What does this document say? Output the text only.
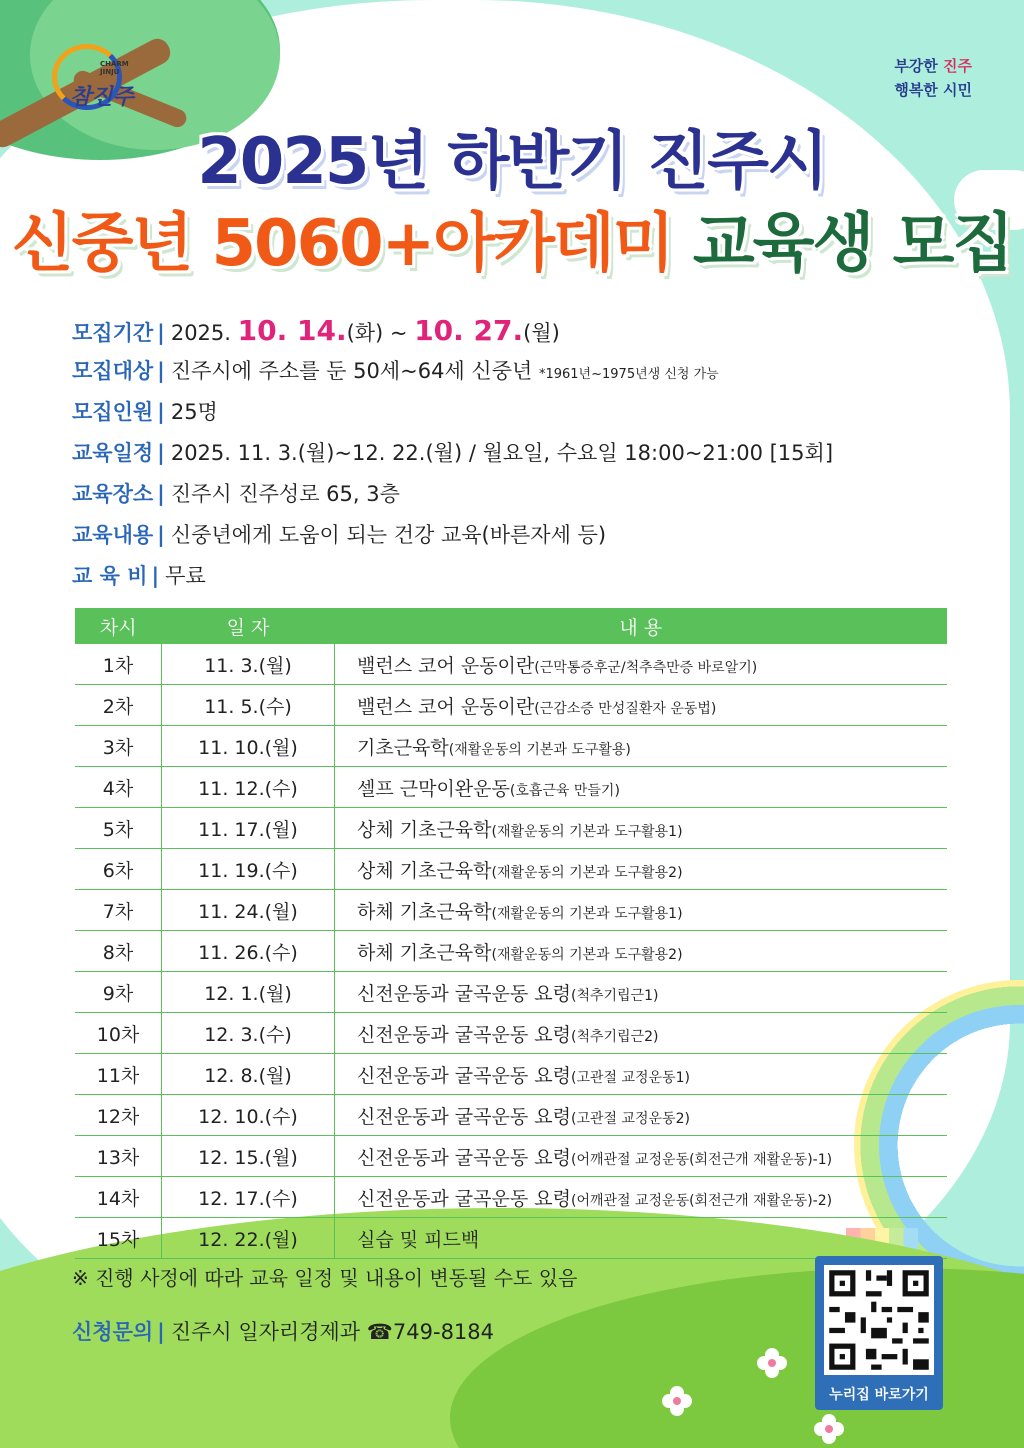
CHARM JINJU
참진주
부강한 진주
행복한 시민
2025년 하반기 진주시
신중년 5060+아카데미 교육생 모집
모집기간 | 2025. 10. 14.(화) ~ 10. 27.(월)
모집대상 | 진주시에 주소를 둔 50세~64세 신중년 *1961년~1975년생 신청 가능
모집인원 | 25명
교육일정 | 2025. 11. 3.(월)~12. 22.(월) / 월요일, 수요일 18:00~21:00 [15회]
교육장소 | 진주시 진주성로 65, 3층
교육내용 | 신중년에게 도움이 되는 건강 교육(바른자세 등)
교 육 비 | 무료
차시	일 자	내 용
1차	11. 3.(월)	밸런스 코어 운동이란(근막통증후군/척추측만증 바로알기)
2차	11. 5.(수)	밸런스 코어 운동이란(근감소증 만성질환자 운동법)
3차	11. 10.(월)	기초근육학(재활운동의 기본과 도구활용)
4차	11. 12.(수)	셀프 근막이완운동(호흡근육 만들기)
5차	11. 17.(월)	상체 기초근육학(재활운동의 기본과 도구활용1)
6차	11. 19.(수)	상체 기초근육학(재활운동의 기본과 도구활용2)
7차	11. 24.(월)	하체 기초근육학(재활운동의 기본과 도구활용1)
8차	11. 26.(수)	하체 기초근육학(재활운동의 기본과 도구활용2)
9차	12. 1.(월)	신전운동과 굴곡운동 요령(척추기립근1)
10차	12. 3.(수)	신전운동과 굴곡운동 요령(척추기립근2)
11차	12. 8.(월)	신전운동과 굴곡운동 요령(고관절 교정운동1)
12차	12. 10.(수)	신전운동과 굴곡운동 요령(고관절 교정운동2)
13차	12. 15.(월)	신전운동과 굴곡운동 요령(어깨관절 교정운동(회전근개 재활운동)-1)
14차	12. 17.(수)	신전운동과 굴곡운동 요령(어깨관절 교정운동(회전근개 재활운동)-2)
15차	12. 22.(월)	실습 및 피드백
※ 진행 사정에 따라 교육 일정 및 내용이 변동될 수도 있음
신청문의 | 진주시 일자리경제과 ☎749-8184
누리집 바로가기
